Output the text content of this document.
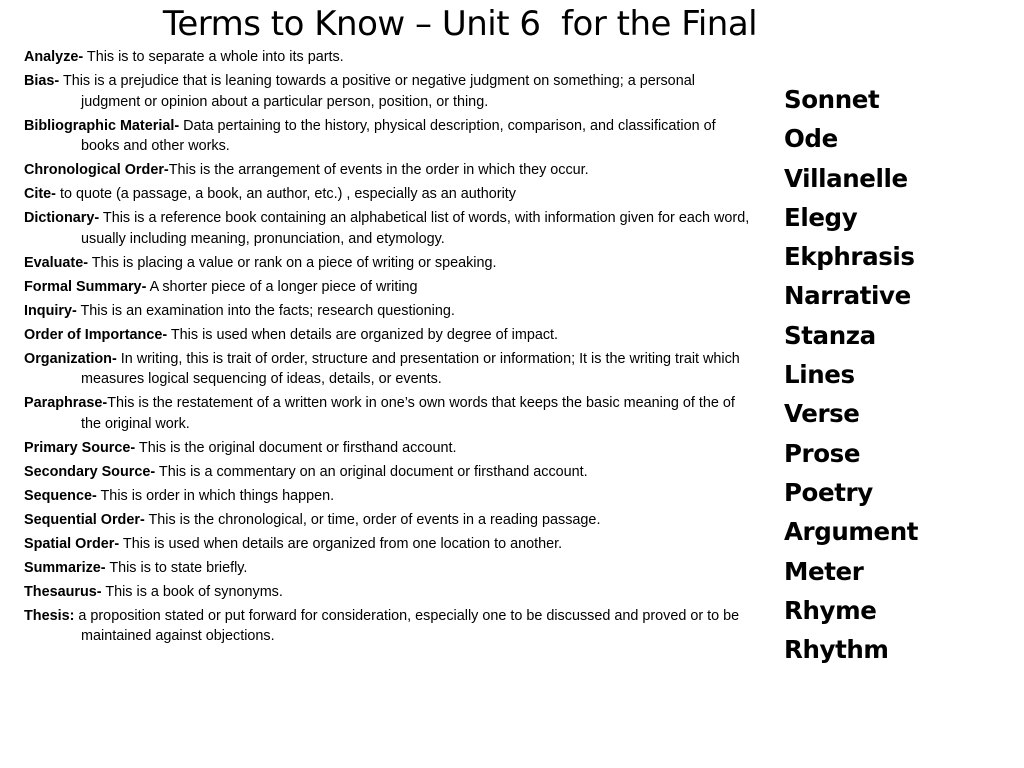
Terms to Know – Unit 6  for the Final
Analyze- This is to separate a whole into its parts.
Bias- This is a prejudice that is leaning towards a positive or negative judgment on something; a personal judgment or opinion about a particular person, position, or thing.
Bibliographic Material- Data pertaining to the history, physical description, comparison, and classification of books and other works.
Chronological Order-This is the arrangement of events in the order in which they occur.
Cite- to quote (a passage, a book, an author, etc.) , especially as an authority
Dictionary- This is a reference book containing an alphabetical list of words, with information given for each word, usually including meaning, pronunciation, and etymology.
Evaluate- This is placing a value or rank on a piece of writing or speaking.
Formal Summary- A shorter piece of a longer piece of writing
Inquiry- This is an examination into the facts; research questioning.
Order of Importance- This is used when details are organized by degree of impact.
Organization- In writing, this is trait of order, structure and presentation or information; It is the writing trait which measures logical sequencing of ideas, details, or events.
Paraphrase-This is the restatement of a written work in one’s own words that keeps the basic meaning of the of the original work.
Primary Source- This is the original document or firsthand account.
Secondary Source- This is a commentary on an original document or firsthand account.
Sequence- This is order in which things happen.
Sequential Order- This is the chronological, or time, order of events in a reading passage.
Spatial Order- This is used when details are organized from one location to another.
Summarize- This is to state briefly.
Thesaurus- This is a book of synonyms.
Thesis: a proposition stated or put forward for consideration, especially one to be discussed and proved or to be maintained against objections.
Sonnet
Ode
Villanelle
Elegy
Ekphrasis
Narrative
Stanza
Lines
Verse
Prose
Poetry
Argument
Meter
Rhyme
Rhythm
